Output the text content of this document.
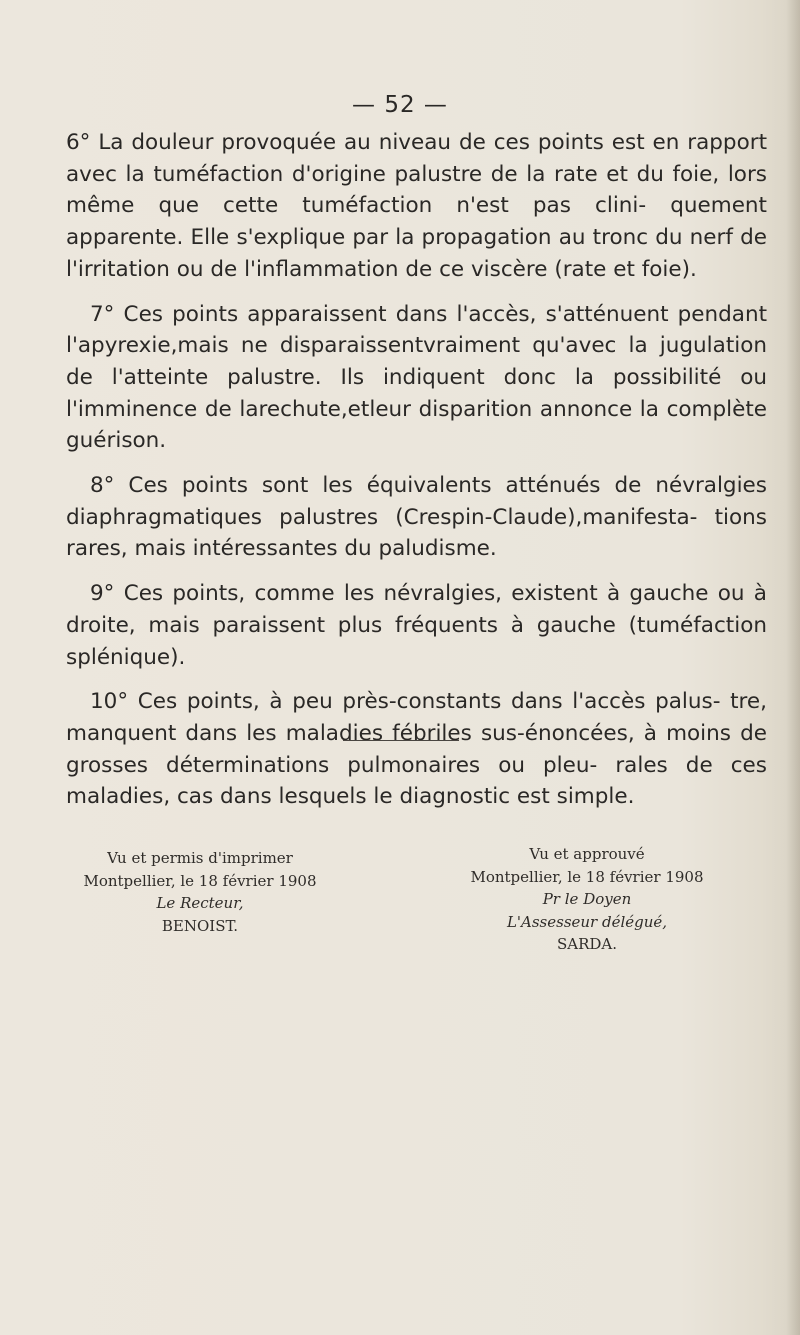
— 52 —

6° La douleur provoquée au niveau de ces points est en rapport avec la tuméfaction d'origine palustre de la rate et du foie, lors même que cette tuméfaction n'est pas clini- quement apparente. Elle s'explique par la propagation au tronc du nerf de l'irritation ou de l'inflammation de ce viscère (rate et foie).

7° Ces points apparaissent dans l'accès, s'atténuent pendant l'apyrexie,mais ne disparaissentvraiment qu'avec la jugulation de l'atteinte palustre. Ils indiquent donc la possibilité ou l'imminence de larechute,etleur disparition annonce la complète guérison.

8° Ces points sont les équivalents atténués de névralgies diaphragmatiques palustres (Crespin-Claude),manifesta- tions rares, mais intéressantes du paludisme.

9° Ces points, comme les névralgies, existent à gauche ou à droite, mais paraissent plus fréquents à gauche (tuméfaction splénique).

10° Ces points, à peu près-constants dans l'accès palus- tre, manquent dans les maladies fébriles sus-énoncées, à moins de grosses déterminations pulmonaires ou pleu- rales de ces maladies, cas dans lesquels le diagnostic est simple.

Vu et permis d'imprimer
Montpellier, le 18 février 1908
Le Recteur,
BENOIST.
Vu et approuvé
Montpellier, le 18 février 1908
Pr le Doyen
L'Assesseur délégué,
SARDA.
